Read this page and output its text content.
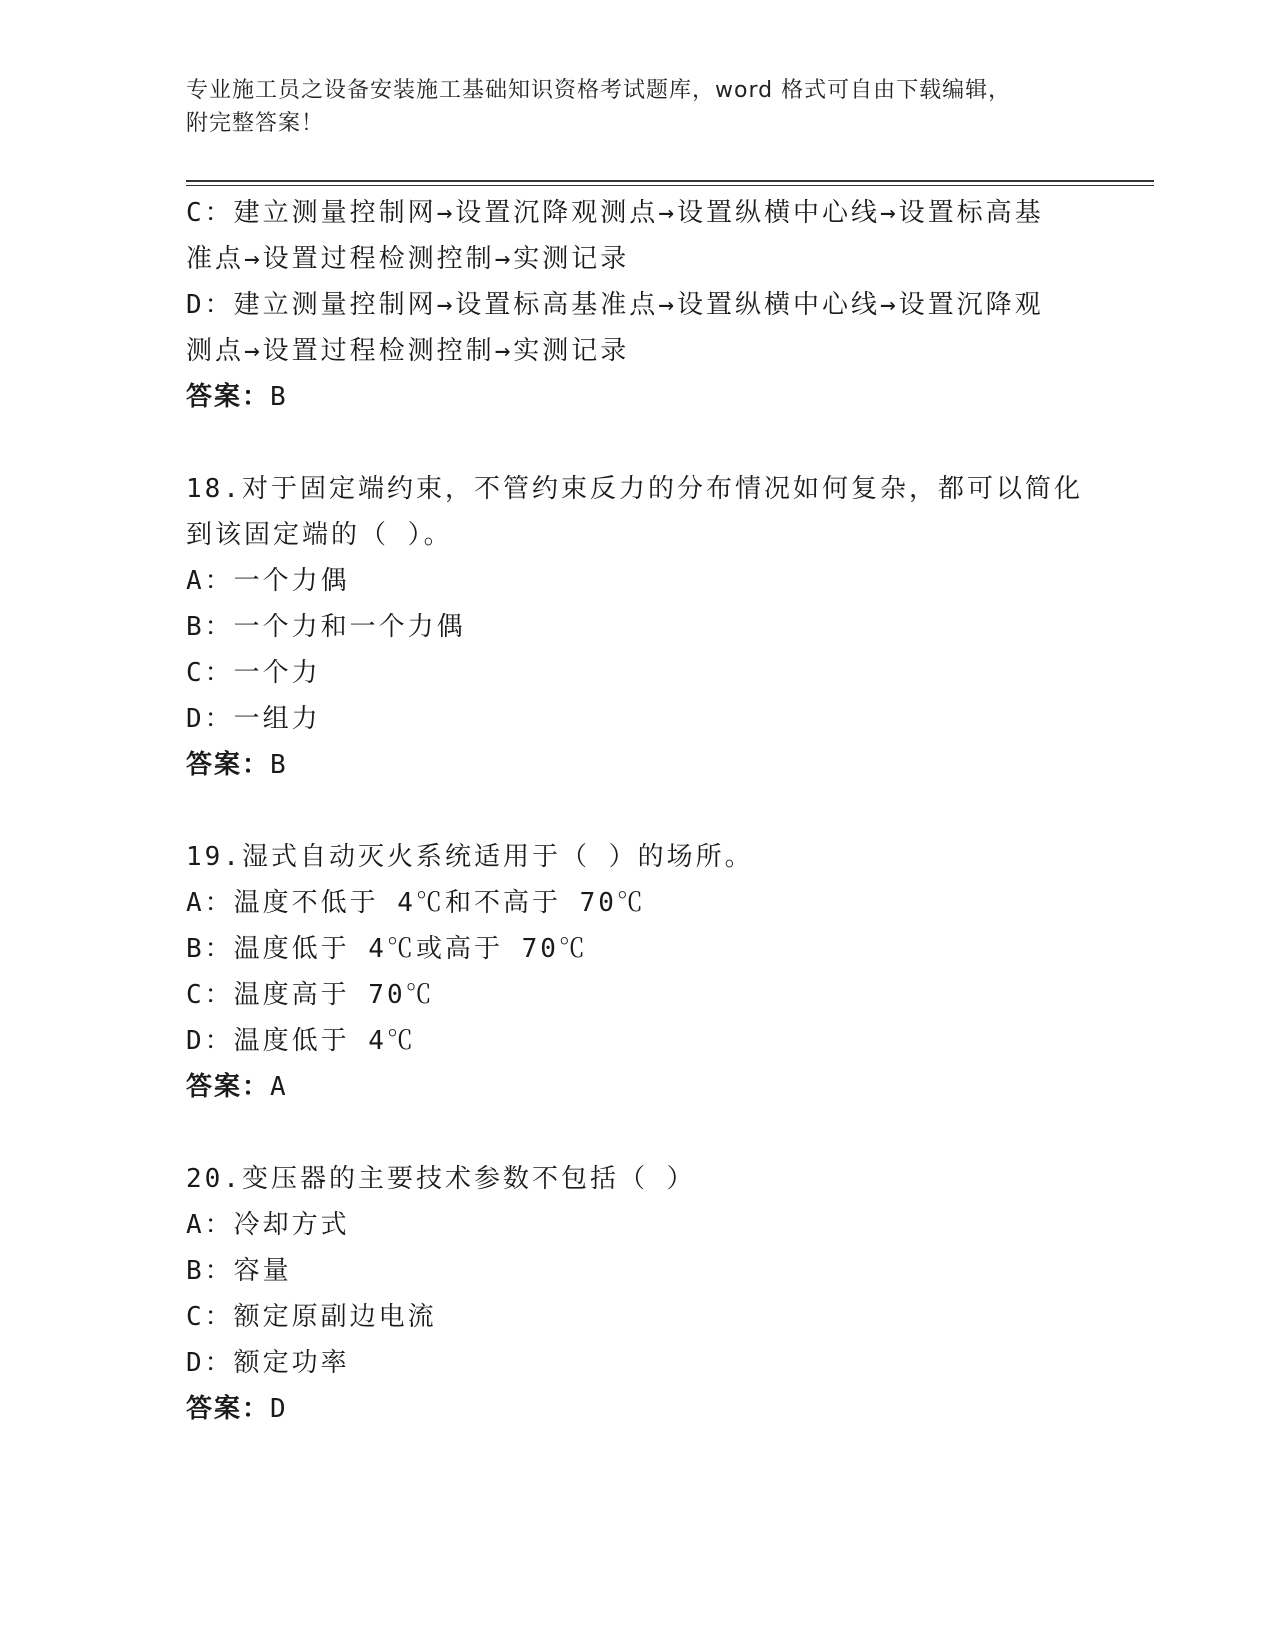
专业施工员之设备安装施工基础知识资格考试题库，word 格式可自由下载编辑，
附完整答案！
C：建立测量控制网→设置沉降观测点→设置纵横中心线→设置标高基
准点→设置过程检测控制→实测记录
D：建立测量控制网→设置标高基准点→设置纵横中心线→设置沉降观
测点→设置过程检测控制→实测记录
答案：B
18.对于固定端约束，不管约束反力的分布情况如何复杂，都可以简化
到该固定端的（ ）。
A：一个力偶
B：一个力和一个力偶
C：一个力
D：一组力
答案：B
19.湿式自动灭火系统适用于（ ）的场所。
A：温度不低于 4℃和不高于 70℃
B：温度低于 4℃或高于 70℃
C：温度高于 70℃
D：温度低于 4℃
答案：A
20.变压器的主要技术参数不包括（ ）
A：冷却方式
B：容量
C：额定原副边电流
D：额定功率
答案：D
